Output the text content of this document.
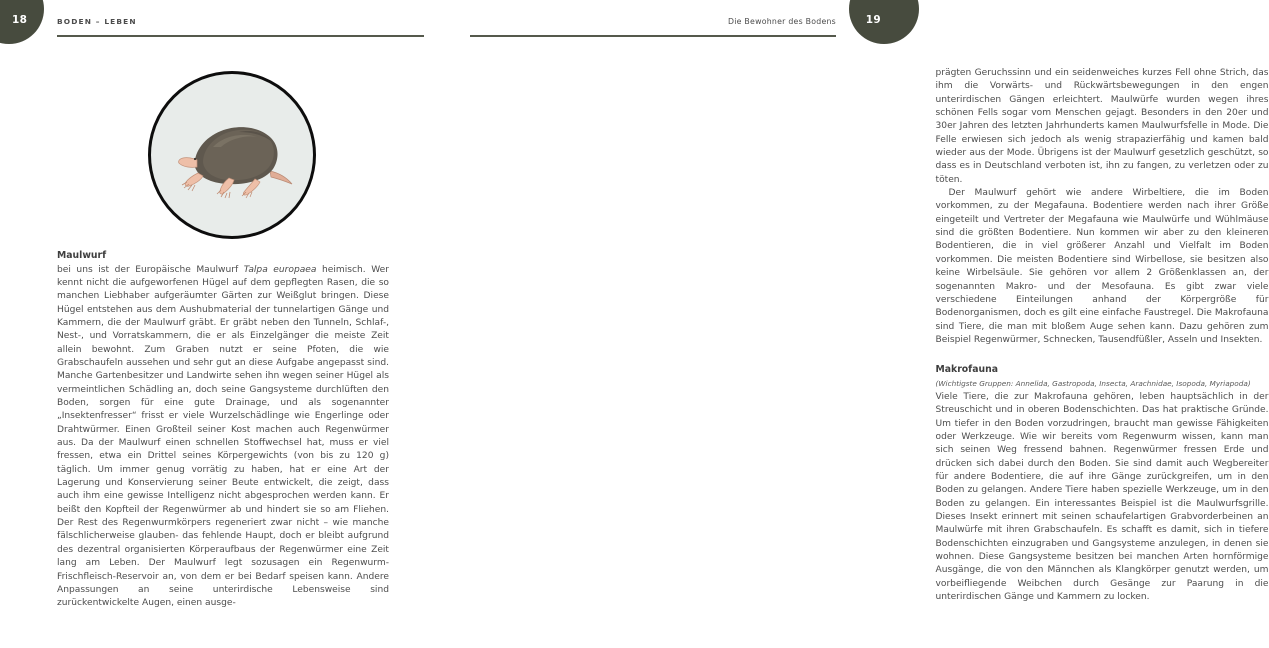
18	BODEN – LEBEN
Maulwurf

bei uns ist der Europäische Maulwurf Talpa europaea heimisch. Wer kennt nicht die aufgeworfenen Hügel auf dem gepflegten Rasen, die so manchen Liebhaber aufgeräumter Gärten zur Weißglut bringen. Diese Hügel entstehen aus dem Aushubmaterial der tunnelartigen Gänge und Kammern, die der Maulwurf gräbt. Er gräbt neben den Tunneln, Schlaf-, Nest-, und Vorratskammern, die er als Einzelgänger die meiste Zeit allein bewohnt. Zum Graben nutzt er seine Pfoten, die wie Grabschaufeln aussehen und sehr gut an diese Aufgabe angepasst sind. Manche Gartenbesitzer und Landwirte sehen ihn wegen seiner Hügel als vermeintlichen Schädling an, doch seine Gangsysteme durchlüften den Boden, sorgen für eine gute Drainage, und als sogenannter „Insektenfresser“ frisst er viele Wurzelschädlinge wie Engerlinge oder Drahtwürmer. Einen Großteil seiner Kost machen auch Regenwürmer aus. Da der Maulwurf einen schnellen Stoffwechsel hat, muss er viel fressen, etwa ein Drittel seines Körpergewichts (von bis zu 120 g) täglich. Um immer genug vorrätig zu haben, hat er eine Art der Lagerung und Konservierung seiner Beute entwickelt, die zeigt, dass auch ihm eine gewisse Intelligenz nicht abgesprochen werden kann. Er beißt den Kopfteil der Regenwürmer ab und hindert sie so am Fliehen. Der Rest des Regenwurmkörpers regeneriert zwar nicht – wie manche fälschlicherweise glauben- das fehlende Haupt, doch er bleibt aufgrund des dezentral organisierten Körperaufbaus der Regenwürmer eine Zeit lang am Leben. Der Maulwurf legt sozusagen ein Regenwurm-Frischfleisch-Reservoir an, von dem er bei Bedarf speisen kann. Andere Anpassungen an seine unterirdische Lebensweise sind zurückentwickelte Augen, einen ausge-

19
Die Bewohner des Bodens

prägten Geruchssinn und ein seidenweiches kurzes Fell ohne Strich, das ihm die Vorwärts- und Rückwärtsbewegungen in den engen unterirdischen Gängen erleichtert. Maulwürfe wurden wegen ihres schönen Fells sogar vom Menschen gejagt. Besonders in den 20er und 30er Jahren des letzten Jahrhunderts kamen Maulwurfsfelle in Mode. Die Felle erwiesen sich jedoch als wenig strapazierfähig und kamen bald wieder aus der Mode. Übrigens ist der Maulwurf gesetzlich geschützt, so dass es in Deutschland verboten ist, ihn zu fangen, zu verletzen oder zu töten.

Der Maulwurf gehört wie andere Wirbeltiere, die im Boden vorkommen, zu der Megafauna. Bodentiere werden nach ihrer Größe eingeteilt und Vertreter der Megafauna wie Maulwürfe und Wühlmäuse sind die größten Bodentiere. Nun kommen wir aber zu den kleineren Bodentieren, die in viel größerer Anzahl und Vielfalt im Boden vorkommen. Die meisten Bodentiere sind Wirbellose, sie besitzen also keine Wirbelsäule. Sie gehören vor allem 2 Größenklassen an, der sogenannten Makro- und der Mesofauna. Es gibt zwar viele verschiedene Einteilungen anhand der Körpergröße für Bodenorganismen, doch es gilt eine einfache Faustregel. Die Makrofauna sind Tiere, die man mit bloßem Auge sehen kann. Dazu gehören zum Beispiel Regenwürmer, Schnecken, Tausendfüßler, Asseln und Insekten.

Makrofauna
(Wichtigste Gruppen: Annelida, Gastropoda, Insecta, Arachnidae, Isopoda, Myriapoda)

Viele Tiere, die zur Makrofauna gehören, leben hauptsächlich in der Streuschicht und in oberen Bodenschichten. Das hat praktische Gründe. Um tiefer in den Boden vorzudringen, braucht man gewisse Fähigkeiten oder Werkzeuge. Wie wir bereits vom Regenwurm wissen, kann man sich seinen Weg fressend bahnen. Regenwürmer fressen Erde und drücken sich dabei durch den Boden. Sie sind damit auch Wegbereiter für andere Bodentiere, die auf ihre Gänge zurückgreifen, um in den Boden zu gelangen. Andere Tiere haben spezielle Werkzeuge, um in den Boden zu gelangen. Ein interessantes Beispiel ist die Maulwurfsgrille. Dieses Insekt erinnert mit seinen schaufelartigen Grabvorderbeinen an Maulwürfe mit ihren Grabschaufeln. Es schafft es damit, sich in tiefere Bodenschichten einzugraben und Gangsysteme anzulegen, in denen sie wohnen. Diese Gangsysteme besitzen bei manchen Arten hornförmige Ausgänge, die von den Männchen als Klangkörper genutzt werden, um vorbeifliegende Weibchen durch Gesänge zur Paarung in die unterirdischen Gänge und Kammern zu locken.
